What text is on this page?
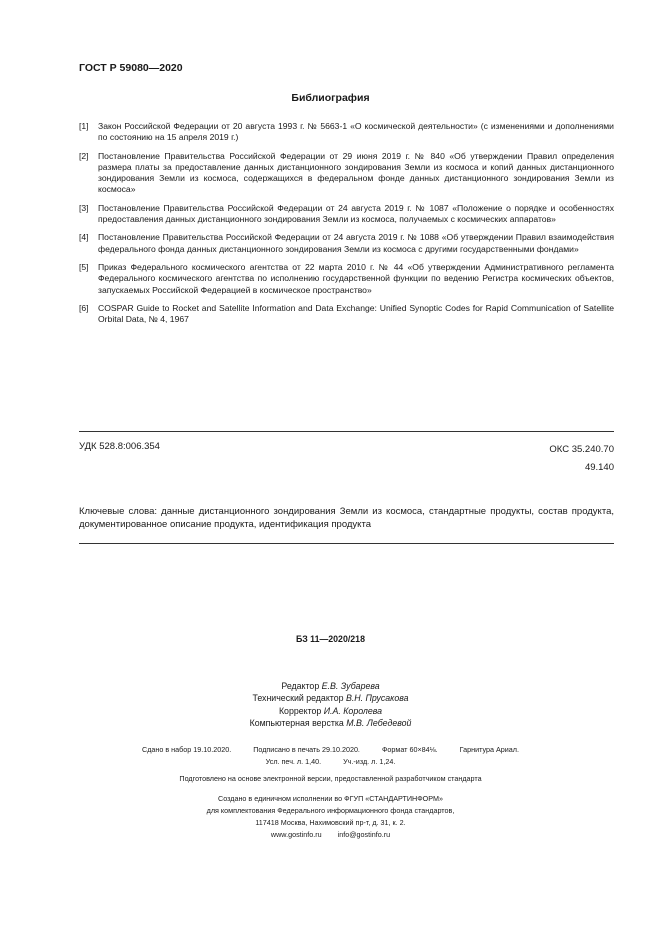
ГОСТ Р 59080—2020
Библиография
[1]	Закон Российской Федерации от 20 августа 1993 г. № 5663-1 «О космической деятельности» (с изменениями и дополнениями по состоянию на 15 апреля 2019 г.)
[2]	Постановление Правительства Российской Федерации от 29 июня 2019 г. № 840 «Об утверждении Правил определения размера платы за предоставление данных дистанционного зондирования Земли из космоса и копий данных дистанционного зондирования Земли из космоса, содержащихся в федеральном фонде данных дистанционного зондирования Земли из космоса»
[3]	Постановление Правительства Российской Федерации от 24 августа 2019 г. № 1087 «Положение о порядке и особенностях предоставления данных дистанционного зондирования Земли из космоса, получаемых с космических аппаратов»
[4]	Постановление Правительства Российской Федерации от 24 августа 2019 г. № 1088 «Об утверждении Правил взаимодействия федерального фонда данных дистанционного зондирования Земли из космоса с другими государственными фондами»
[5]	Приказ Федерального космического агентства от 22 марта 2010 г. № 44 «Об утверждении Административного регламента Федерального космического агентства по исполнению государственной функции по ведению Регистра космических объектов, запускаемых Российской Федерацией в космическое пространство»
[6]	COSPAR Guide to Rocket and Satellite Information and Data Exchange: Unified Synoptic Codes for Rapid Communication of Satellite Orbital Data, № 4, 1967
УДК 528.8:006.354	ОКС 35.240.70
49.140
Ключевые слова: данные дистанционного зондирования Земли из космоса, стандартные продукты, состав продукта, документированное описание продукта, идентификация продукта
БЗ 11—2020/218
Редактор Е.В. Зубарева
Технический редактор В.Н. Прусакова
Корректор И.А. Королева
Компьютерная верстка М.В. Лебедевой
Сдано в набор 19.10.2020.	Подписано в печать 29.10.2020.	Формат 60×84⅛.	Гарнитура Ариал.
Усл. печ. л. 1,40.	Уч.-изд. л. 1,24.
Подготовлено на основе электронной версии, предоставленной разработчиком стандарта
Создано в единичном исполнении во ФГУП «СТАНДАРТИНФОРМ»
для комплектования Федерального информационного фонда стандартов,
117418 Москва, Нахимовский пр-т, д. 31, к. 2.
www.gostinfo.ru info@gostinfo.ru
